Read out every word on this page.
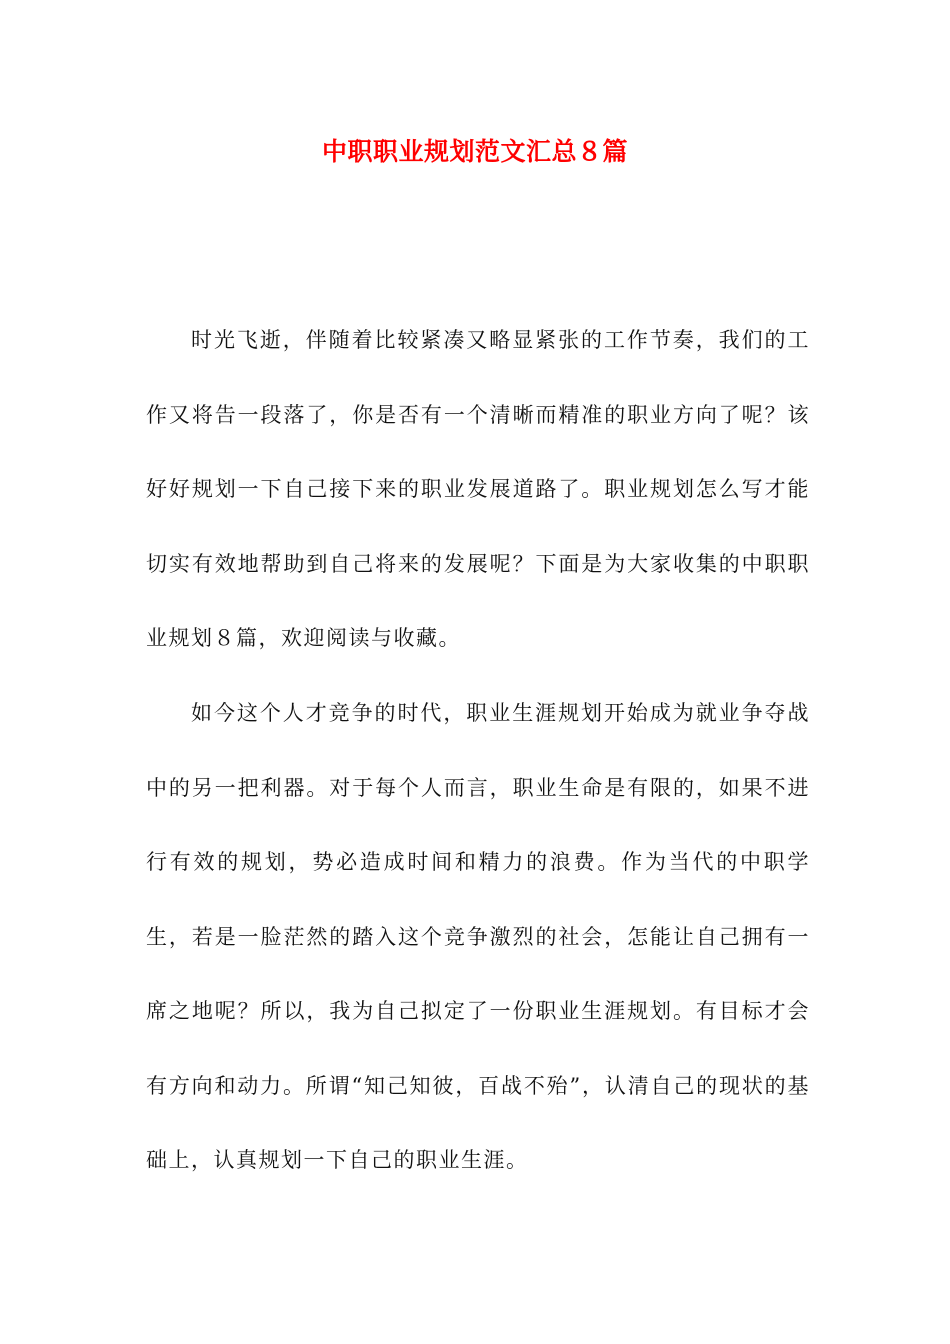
中职职业规划范文汇总８篇

时光飞逝，伴随着比较紧凑又略显紧张的工作节奏，我们的工作又将告一段落了，你是否有一个清晰而精准的职业方向了呢？该好好规划一下自己接下来的职业发展道路了。职业规划怎么写才能切实有效地帮助到自己将来的发展呢？下面是为大家收集的中职职业规划８篇，欢迎阅读与收藏。

如今这个人才竞争的时代，职业生涯规划开始成为就业争夺战中的另一把利器。对于每个人而言，职业生命是有限的，如果不进行有效的规划，势必造成时间和精力的浪费。作为当代的中职学生，若是一脸茫然的踏入这个竞争激烈的社会，怎能让自己拥有一席之地呢？所以，我为自己拟定了一份职业生涯规划。有目标才会有方向和动力。所谓“知己知彼，百战不殆”，认清自己的现状的基础上，认真规划一下自己的职业生涯。
